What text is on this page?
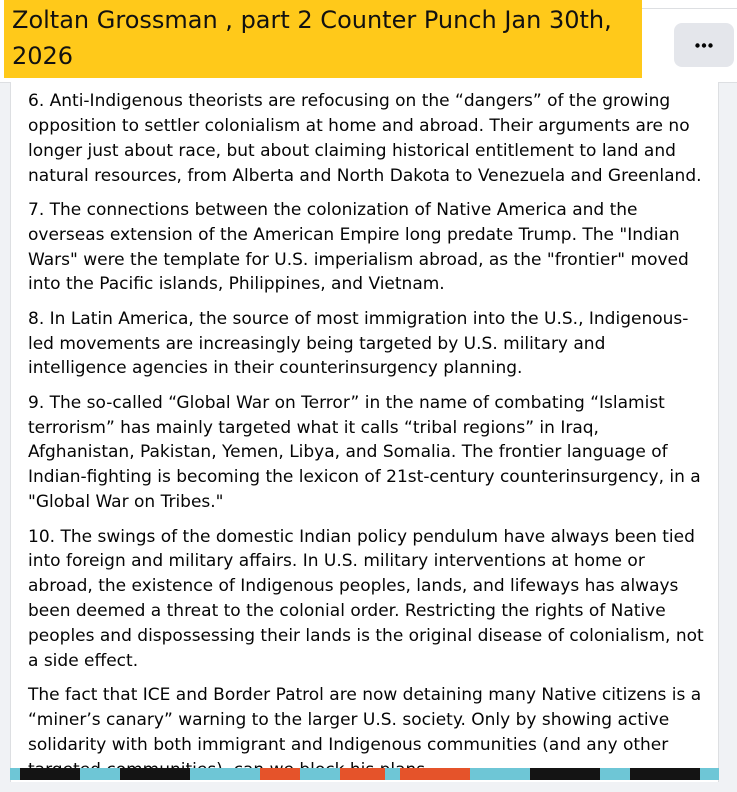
Zoltan Grossman , part 2 Counter Punch Jan 30th, 2026

6. Anti-Indigenous theorists are refocusing on the “dangers” of the growing opposition to settler colonialism at home and abroad. Their arguments are no longer just about race, but about claiming historical entitlement to land and natural resources, from Alberta and North Dakota to Venezuela and Greenland.

7. The connections between the colonization of Native America and the overseas extension of the American Empire long predate Trump. The "Indian Wars" were the template for U.S. imperialism abroad, as the "frontier" moved into the Pacific islands, Philippines, and Vietnam.

8. In Latin America, the source of most immigration into the U.S., Indigenous-led movements are increasingly being targeted by U.S. military and intelligence agencies in their counterinsurgency planning.

9. The so-called “Global War on Terror” in the name of combating “Islamist terrorism” has mainly targeted what it calls “tribal regions” in Iraq, Afghanistan, Pakistan, Yemen, Libya, and Somalia. The frontier language of Indian-fighting is becoming the lexicon of 21st-century counterinsurgency, in a "Global War on Tribes."

10. The swings of the domestic Indian policy pendulum have always been tied into foreign and military affairs. In U.S. military interventions at home or abroad, the existence of Indigenous peoples, lands, and lifeways has always been deemed a threat to the colonial order. Restricting the rights of Native peoples and dispossessing their lands is the original disease of colonialism, not a side effect.

The fact that ICE and Border Patrol are now detaining many Native citizens is a “miner’s canary” warning to the larger U.S. society. Only by showing active solidarity with both immigrant and Indigenous communities (and any other
